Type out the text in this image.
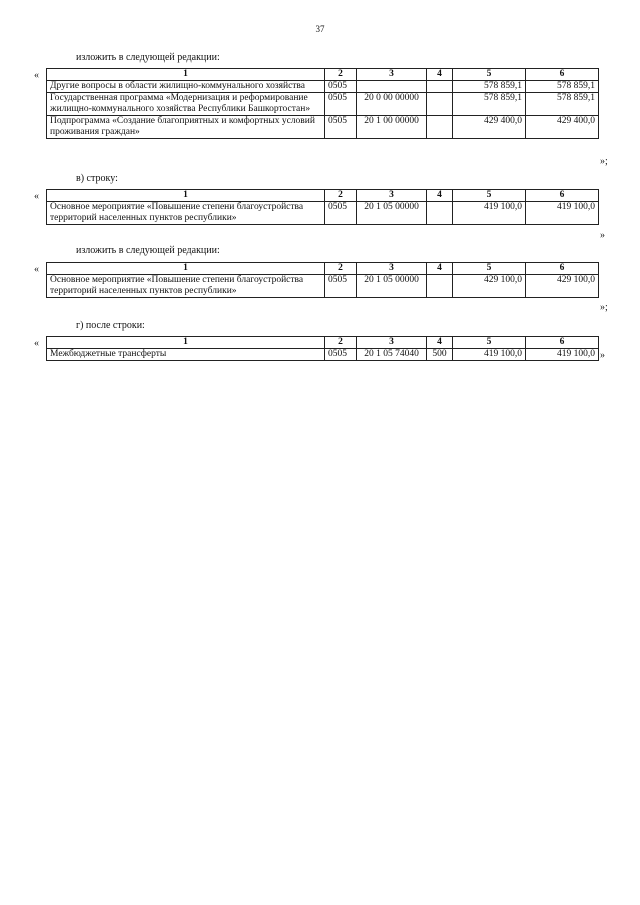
37
изложить в следующей редакции:
«	1	2	3	4	5	6
Другие вопросы в области жилищно-коммунального хозяйства	0505			578 859,1	578 859,1
Государственная программа «Модернизация и реформирование жилищно-коммунального хозяйства Республики Башкортостан»	0505	20 0 00 00000		578 859,1	578 859,1
Подпрограмма «Создание благоприятных и комфортных условий проживания граждан»	0505	20 1 00 00000		429 400,0	429 400,0
»;
в) строку:
«	1	2	3	4	5	6
Основное мероприятие «Повышение степени благоустройства территорий населенных пунктов республики»	0505	20 1 05 00000		419 100,0	419 100,0
»
изложить в следующей редакции:
«	1	2	3	4	5	6
Основное мероприятие «Повышение степени благоустройства территорий населенных пунктов республики»	0505	20 1 05 00000		429 100,0	429 100,0
»;
г) после строки:
«	1	2	3	4	5	6
Межбюджетные трансферты	0505	20 1 05 74040	500	419 100,0	419 100,0 »
